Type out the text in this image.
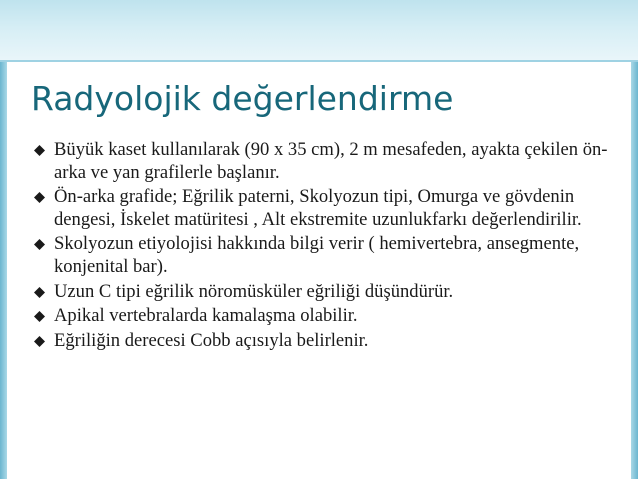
Radyolojik değerlendirme
Büyük kaset kullanılarak (90 x 35 cm), 2 m mesafeden, ayakta çekilen ön-arka ve yan grafilerle başlanır.
Ön-arka grafide; Eğrilik paterni, Skolyozun tipi, Omurga ve gövdenin dengesi, İskelet matüritesi , Alt ekstremite uzunlukfarkı değerlendirilir.
Skolyozun etiyolojisi hakkında bilgi verir ( hemivertebra, ansegmente, konjenital bar).
Uzun C tipi eğrilik nöromüsküler eğriliği düşündürür.
Apikal vertebralarda kamalaşma olabilir.
Eğriliğin derecesi Cobb açısıyla belirlenir.
